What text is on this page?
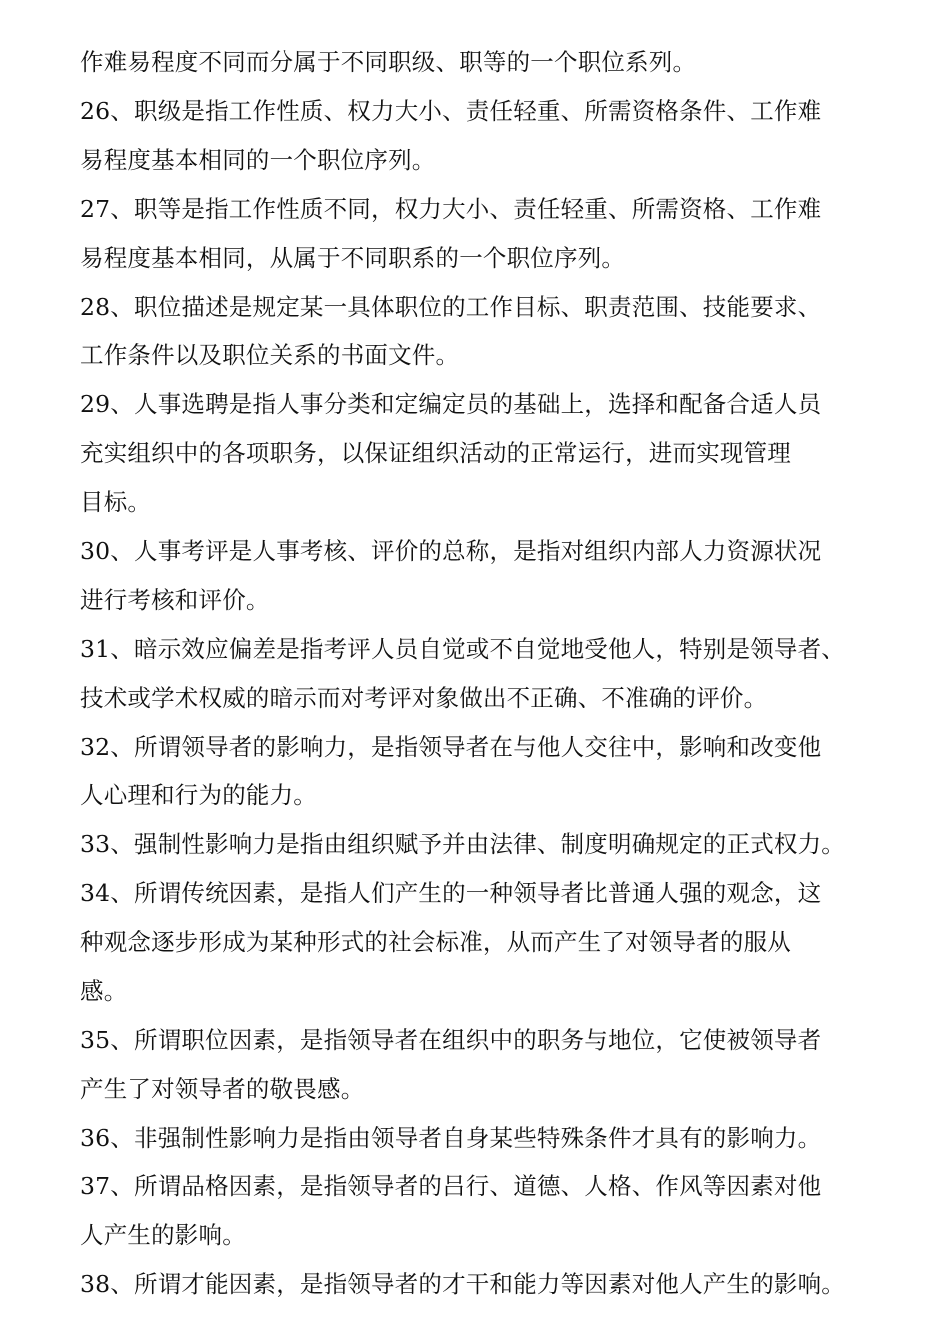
作难易程度不同而分属于不同职级、职等的一个职位系列。
26、职级是指工作性质、权力大小、责任轻重、所需资格条件、工作难
易程度基本相同的一个职位序列。
27、职等是指工作性质不同，权力大小、责任轻重、所需资格、工作难
易程度基本相同，从属于不同职系的一个职位序列。
28、职位描述是规定某一具体职位的工作目标、职责范围、技能要求、
工作条件以及职位关系的书面文件。
29、人事选聘是指人事分类和定编定员的基础上，选择和配备合适人员
充实组织中的各项职务，以保证组织活动的正常运行，进而实现管理
目标。
30、人事考评是人事考核、评价的总称，是指对组织内部人力资源状况
进行考核和评价。
31、暗示效应偏差是指考评人员自觉或不自觉地受他人，特别是领导者、
技术或学术权威的暗示而对考评对象做出不正确、不准确的评价。
32、所谓领导者的影响力，是指领导者在与他人交往中，影响和改变他
人心理和行为的能力。
33、强制性影响力是指由组织赋予并由法律、制度明确规定的正式权力。
34、所谓传统因素，是指人们产生的一种领导者比普通人强的观念，这
种观念逐步形成为某种形式的社会标准，从而产生了对领导者的服从
感。
35、所谓职位因素，是指领导者在组织中的职务与地位，它使被领导者
产生了对领导者的敬畏感。
36、非强制性影响力是指由领导者自身某些特殊条件才具有的影响力。
37、所谓品格因素，是指领导者的吕行、道德、人格、作风等因素对他
人产生的影响。
38、所谓才能因素，是指领导者的才干和能力等因素对他人产生的影响。
